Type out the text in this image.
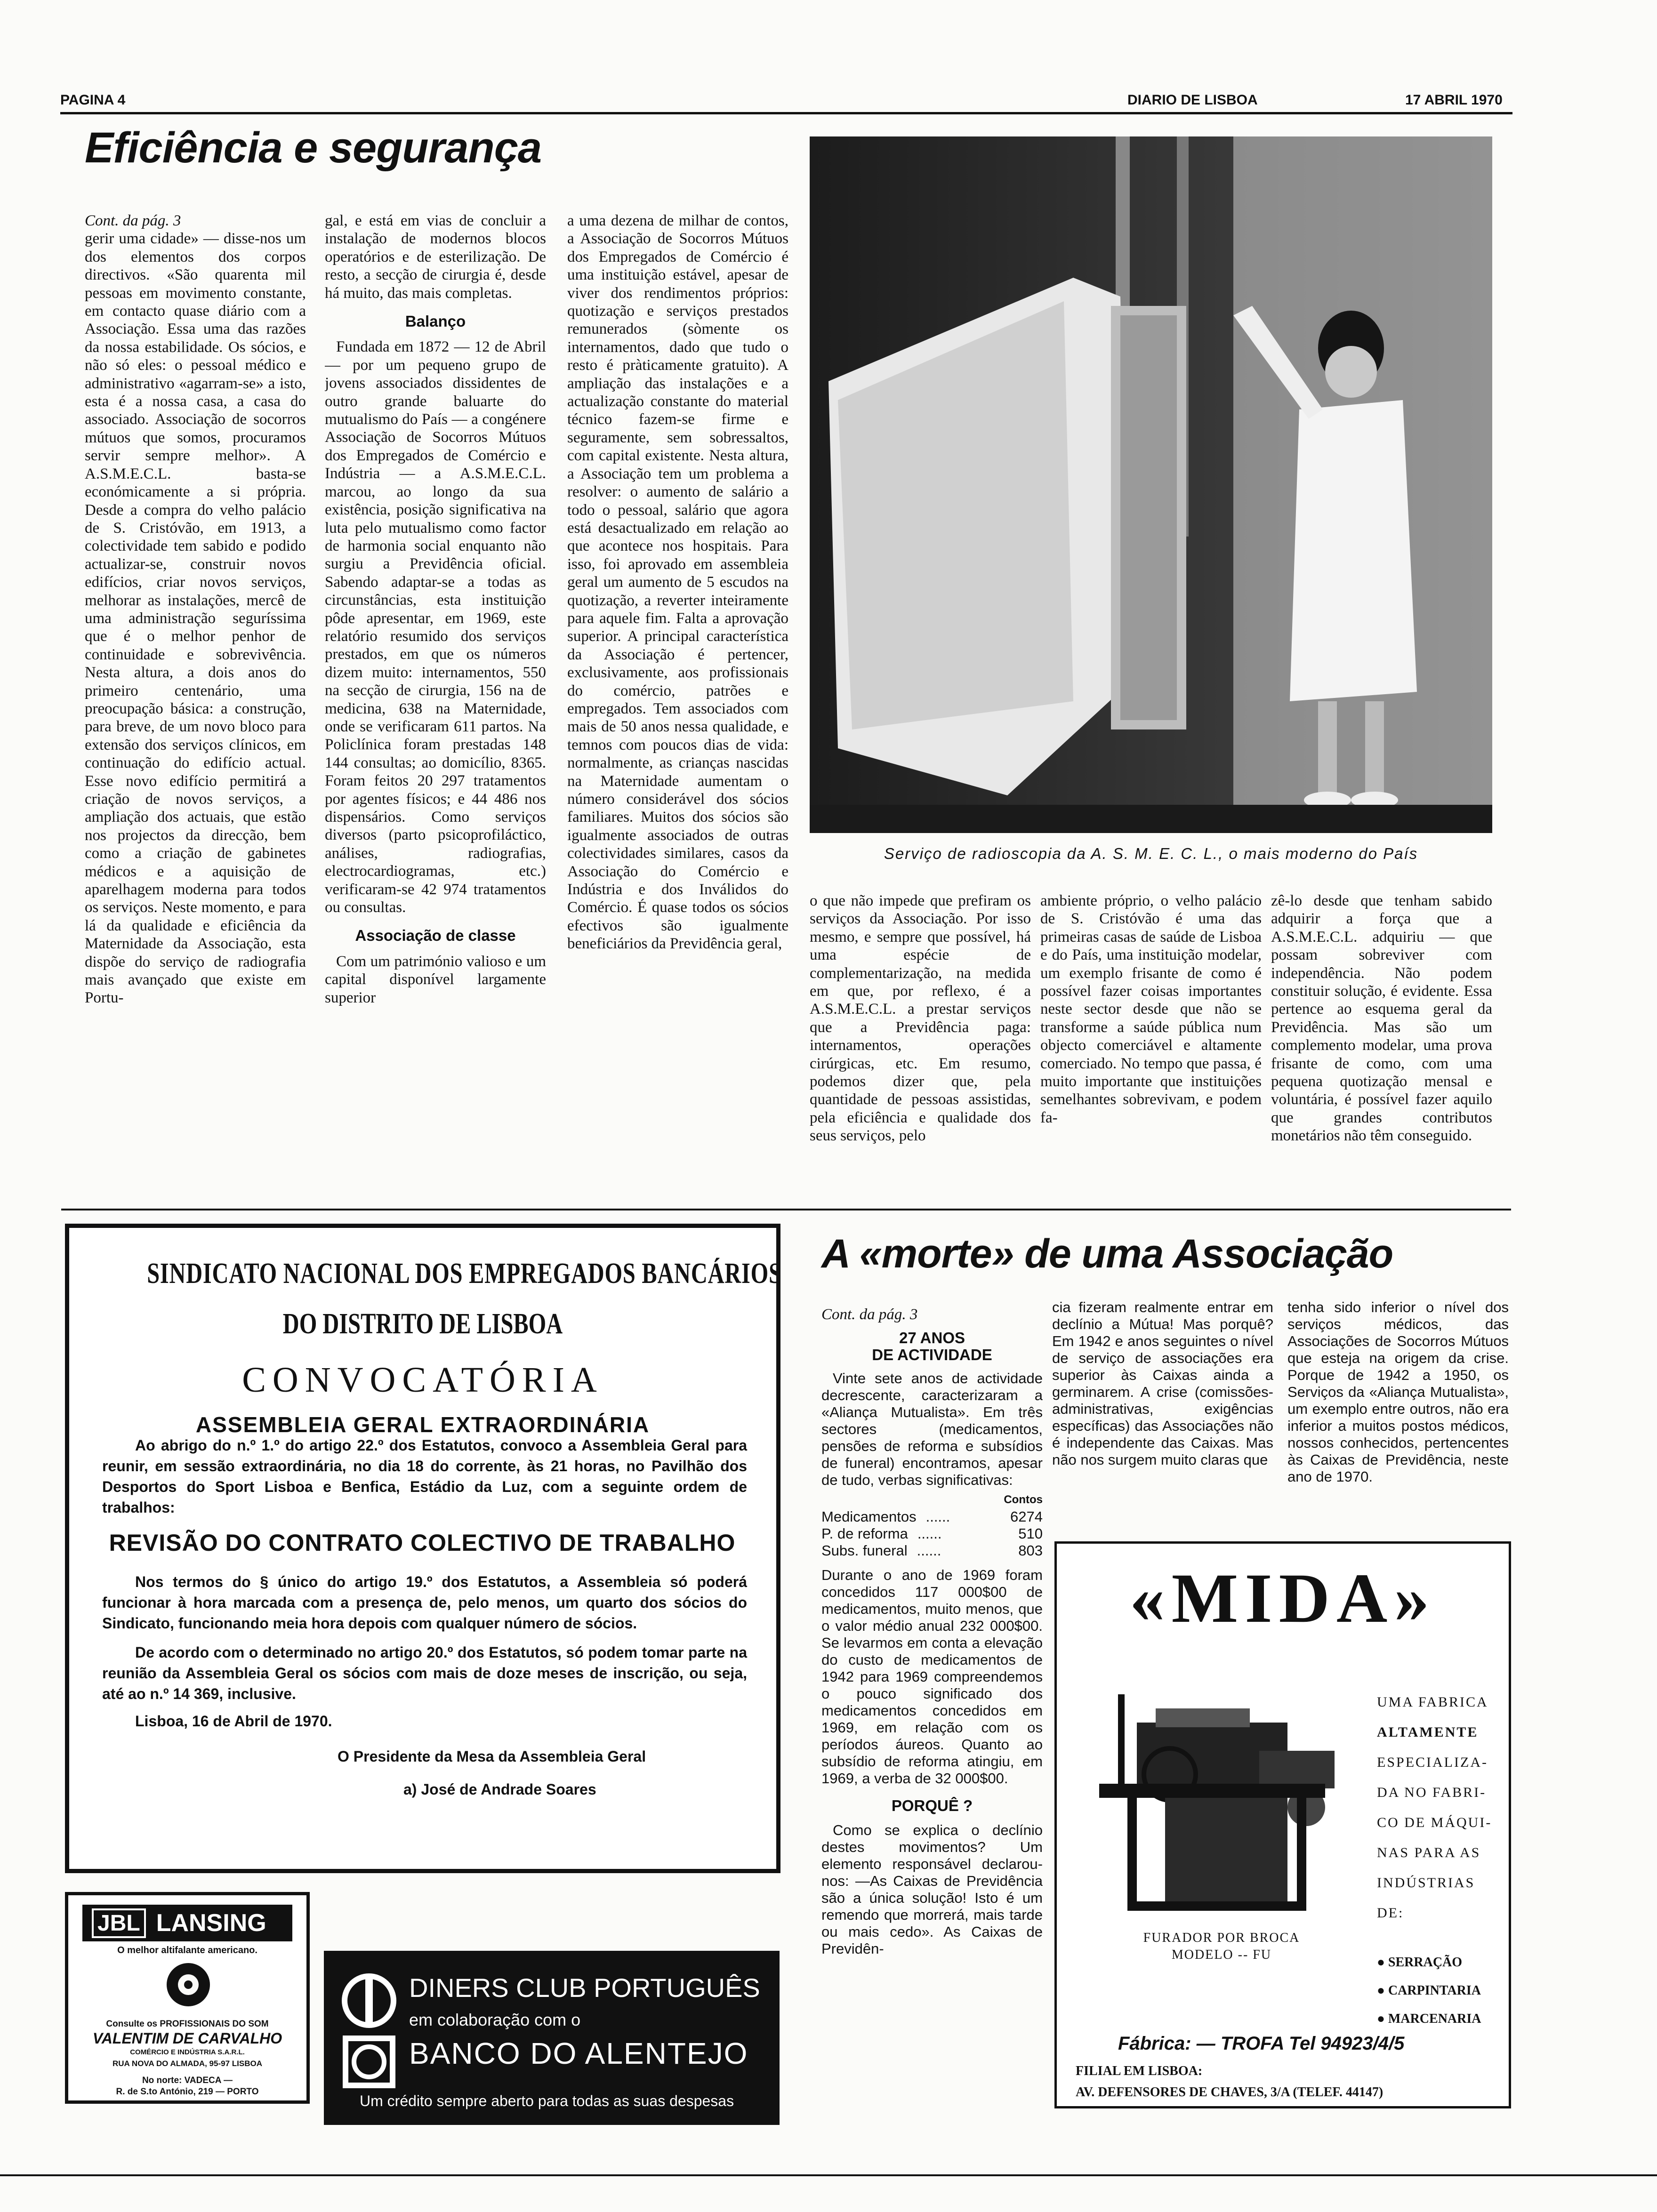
PAGINA 4	DIARIO DE LISBOA	17 ABRIL 1970
Eficiência e segurança
Cont. da pág. 3

gerir uma cidade» — disse-nos um dos elementos dos corpos directivos. «São quarenta mil pessoas em movimento constante, em contacto quase diário com a Associação. Essa uma das razões da nossa estabilidade. Os sócios, e não só eles: o pessoal médico e administrativo «agarram-se» a isto, esta é a nossa casa, a casa do associado. Associação de socorros mútuos que somos, procuramos servir sempre melhor». A A.S.M.E.C.L. basta-se económicamente a si própria. Desde a compra do velho palácio de S. Cristóvão, em 1913, a colectividade tem sabido e podido actualizar-se, construir novos edifícios, criar novos serviços, melhorar as instalações, mercê de uma administração seguríssima que é o melhor penhor de continuidade e sobrevivência. Nesta altura, a dois anos do primeiro centenário, uma preocupação básica: a construção, para breve, de um novo bloco para extensão dos serviços clínicos, em continuação do edifício actual. Esse novo edifício permitirá a criação de novos serviços, a ampliação dos actuais, que estão nos projectos da direcção, bem como a criação de gabinetes médicos e a aquisição de aparelhagem moderna para todos os serviços. Neste momento, e para lá da qualidade e eficiência da Maternidade da Associação, esta dispõe do serviço de radiografia mais avançado que existe em Portu-

gal, e está em vias de concluir a instalação de modernos blocos operatórios e de esterilização. De resto, a secção de cirurgia é, desde há muito, das mais completas.

Balanço

Fundada em 1872 — 12 de Abril — por um pequeno grupo de jovens associados dissidentes de outro grande baluarte do mutualismo do País — a congénere Associação de Socorros Mútuos dos Empregados de Comércio e Indústria — a A.S.M.E.C.L. marcou, ao longo da sua existência, posição significativa na luta pelo mutualismo como factor de harmonia social enquanto não surgiu a Previdência oficial. Sabendo adaptar-se a todas as circunstâncias, esta instituição pôde apresentar, em 1969, este relatório resumido dos serviços prestados, em que os números dizem muito: internamentos, 550 na secção de cirurgia, 156 na de medicina, 638 na Maternidade, onde se verificaram 611 partos. Na Policlínica foram prestadas 148 144 consultas; ao domicílio, 8365. Foram feitos 20 297 tratamentos por agentes físicos; e 44 486 nos dispensários. Como serviços diversos (parto psicoprofiláctico, análises, radiografias, electrocardiogramas, etc.) verificaram-se 42 974 tratamentos ou consultas.

Associação de classe

Com um património valioso e um capital disponível largamente superior

a uma dezena de milhar de contos, a Associação de Socorros Mútuos dos Empregados de Comércio é uma instituição estável, apesar de viver dos rendimentos próprios: quotização e serviços prestados remunerados (sòmente os internamentos, dado que tudo o resto é pràticamente gratuito). A ampliação das instalações e a actualização constante do material técnico fazem-se firme e seguramente, sem sobressaltos, com capital existente. Nesta altura, a Associação tem um problema a resolver: o aumento de salário a todo o pessoal, salário que agora está desactualizado em relação ao que acontece nos hospitais. Para isso, foi aprovado em assembleia geral um aumento de 5 escudos na quotização, a reverter inteiramente para aquele fim. Falta a aprovação superior. A principal característica da Associação é pertencer, exclusivamente, aos profissionais do comércio, patrões e empregados. Tem associados com mais de 50 anos nessa qualidade, e temnos com poucos dias de vida: normalmente, as crianças nascidas na Maternidade aumentam o número considerável dos sócios familiares. Muitos dos sócios são igualmente associados de outras colectividades similares, casos da Associação do Comércio e Indústria e dos Inválidos do Comércio. É quase todos os sócios efectivos são igualmente beneficiários da Previdência geral,

Serviço de radioscopia da A. S. M. E. C. L., o mais moderno do País

o que não impede que prefiram os serviços da Associação. Por isso mesmo, e sempre que possível, há uma espécie de complementarização, na medida em que, por reflexo, é a A.S.M.E.C.L. a prestar serviços que a Previdência paga: internamentos, operações cirúrgicas, etc. Em resumo, podemos dizer que, pela quantidade de pessoas assistidas, pela eficiência e qualidade dos seus serviços, pelo

ambiente próprio, o velho palácio de S. Cristóvão é uma das primeiras casas de saúde de Lisboa e do País, uma instituição modelar, um exemplo frisante de como é possível fazer coisas importantes neste sector desde que não se transforme a saúde pública num objecto comerciável e altamente comerciado. No tempo que passa, é muito importante que instituições semelhantes sobrevivam, e podem fa-

zê-lo desde que tenham sabido adquirir a força que a A.S.M.E.C.L. adquiriu — que possam sobreviver com independência. Não podem constituir solução, é evidente. Essa pertence ao esquema geral da Previdência. Mas são um complemento modelar, uma prova frisante de como, com uma pequena quotização mensal e voluntária, é possível fazer aquilo que grandes contributos monetários não têm conseguido.

SINDICATO NACIONAL DOS EMPREGADOS BANCÁRIOS
DO DISTRITO DE LISBOA
CONVOCATÓRIA
ASSEMBLEIA GERAL EXTRAORDINÁRIA
Ao abrigo do n.º 1.º do artigo 22.º dos Estatutos, convoco a Assembleia Geral para reunir, em sessão extraordinária, no dia 18 do corrente, às 21 horas, no Pavilhão dos Desportos do Sport Lisboa e Benfica, Estádio da Luz, com a seguinte ordem de trabalhos:
REVISÃO DO CONTRATO COLECTIVO DE TRABALHO
Nos termos do § único do artigo 19.º dos Estatutos, a Assembleia só poderá funcionar à hora marcada com a presença de, pelo menos, um quarto dos sócios do Sindicato, funcionando meia hora depois com qualquer número de sócios.
De acordo com o determinado no artigo 20.º dos Estatutos, só podem tomar parte na reunião da Assembleia Geral os sócios com mais de doze meses de inscrição, ou seja, até ao n.º 14 369, inclusive.
Lisboa, 16 de Abril de 1970.
O Presidente da Mesa da Assembleia Geral
a) José de Andrade Soares
JBL LANSING
O melhor altifalante americano.
Consulte os PROFISSIONAIS DO SOM
VALENTIM DE CARVALHO
COMÉRCIO E INDÚSTRIA S.A.R.L.
RUA NOVA DO ALMADA, 95-97 LISBOA
No norte: VADECA —
R. de S.to António, 219 — PORTO
DINERS CLUB PORTUGUÊS
em colaboração com o
BANCO DO ALENTEJO
Um crédito sempre aberto para todas as suas despesas
A «morte» de uma Associação
Cont. da pág. 3
27 ANOS
DE ACTIVIDADE

Vinte sete anos de actividade decrescente, caracterizaram a «Aliança Mutualista». Em três sectores (medicamentos, pensões de reforma e subsídios de funeral) encontramos, apesar de tudo, verbas significativas:

Contos
Medicamentos ......	6274
P. de reforma ......	510
Subs. funeral ......	803

Durante o ano de 1969 foram concedidos 117 000$00 de medicamentos, muito menos, que o valor médio anual 232 000$00. Se levarmos em conta a elevação do custo de medicamentos de 1942 para 1969 compreendemos o pouco significado dos medicamentos concedidos em 1969, em relação com os períodos áureos. Quanto ao subsídio de reforma atingiu, em 1969, a verba de 32 000$00.

PORQUÊ ?

Como se explica o declínio destes movimentos? Um elemento responsável declarou-nos: —As Caixas de Previdência são a única solução! Isto é um remendo que morrerá, mais tarde ou mais cedo». As Caixas de Previdên-

cia fizeram realmente entrar em declínio a Mútua! Mas porquê? Em 1942 e anos seguintes o nível de serviço de associações era superior às Caixas ainda a germinarem. A crise (comissões-administrativas, exigências específicas) das Associações não é independente das Caixas. Mas não nos surgem muito claras que

tenha sido inferior o nível dos serviços médicos, das Associações de Socorros Mútuos que esteja na origem da crise. Porque de 1942 a 1950, os Serviços da «Aliança Mutualista», um exemplo entre outros, não era inferior a muitos postos médicos, nossos conhecidos, pertencentes às Caixas de Previdência, neste ano de 1970.

«MIDA»
UMA FABRICA
ALTAMENTE
ESPECIALIZA-
DA NO FABRI-
CO DE MÁQUI-
NAS PARA AS
INDÚSTRIAS
DE:
● SERRAÇÃO
● CARPINTARIA
● MARCENARIA
FURADOR POR BROCA
MODELO -- FU
Fábrica: — TROFA Tel 94923/4/5
FILIAL EM LISBOA:
AV. DEFENSORES DE CHAVES, 3/A (TELEF. 44147)
